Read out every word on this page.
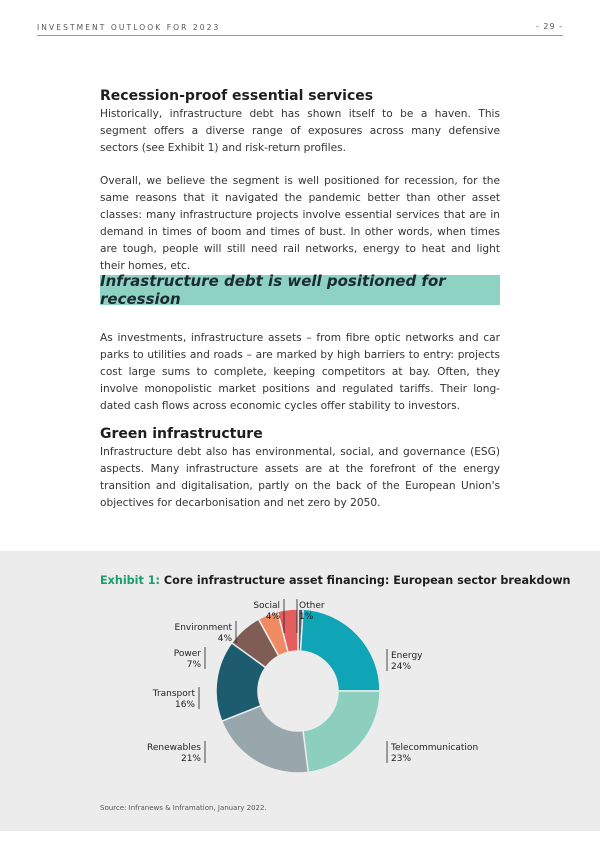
INVESTMENT OUTLOOK FOR 2023	- 29 -
Recession-proof essential services

Historically, infrastructure debt has shown itself to be a haven. This segment offers a diverse range of exposures across many defensive sectors (see Exhibit 1) and risk-return profiles.

Overall, we believe the segment is well positioned for recession, for the same reasons that it navigated the pandemic better than other asset classes: many infrastructure projects involve essential services that are in demand in times of boom and times of bust. In other words, when times are tough, people will still need rail networks, energy to heat and light their homes, etc.

Infrastructure debt is well positioned for recession

As investments, infrastructure assets – from fibre optic networks and car parks to utilities and roads – are marked by high barriers to entry: projects cost large sums to complete, keeping competitors at bay. Often, they involve monopolistic market positions and regulated tariffs. Their long-dated cash flows across economic cycles offer stability to investors.

Green infrastructure

Infrastructure debt also has environmental, social, and governance (ESG) aspects. Many infrastructure assets are at the forefront of the energy transition and digitalisation, partly on the back of the European Union's objectives for decarbonisation and net zero by 2050.

Exhibit 1: Core infrastructure asset financing: European sector breakdown
Other
1%
Energy
24%
Telecommunication
23%
Renewables
21%
Transport
16%
Power
7%
Environment
4%
Social
4%
Source: Infranews & Inframation, January 2022.
